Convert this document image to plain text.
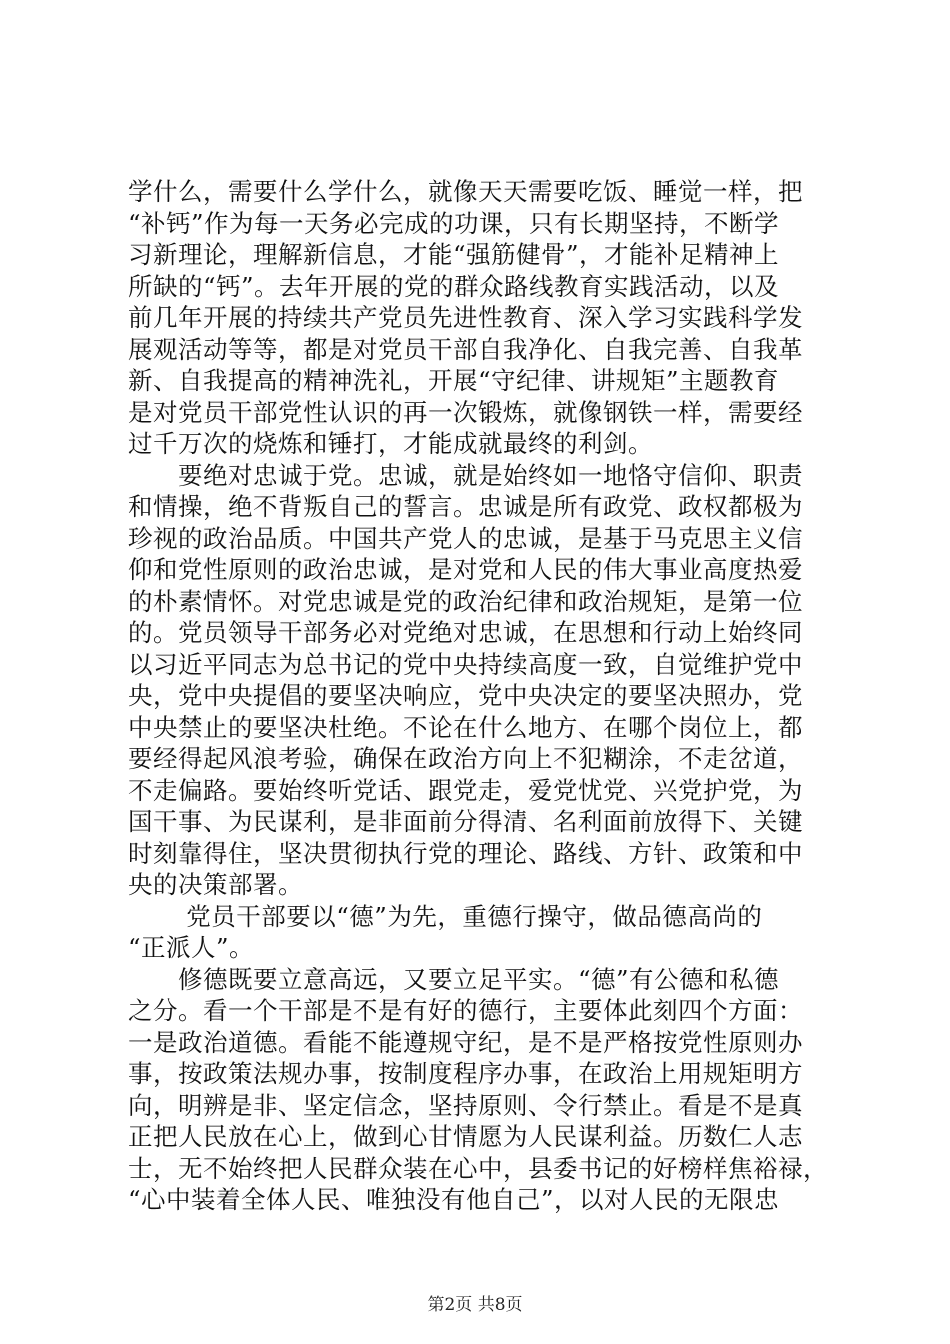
学什么，需要什么学什么，就像天天需要吃饭、睡觉一样，把
“补钙”作为每一天务必完成的功课，只有长期坚持，不断学
习新理论，理解新信息，才能“强筋健骨”，才能补足精神上
所缺的“钙”。去年开展的党的群众路线教育实践活动，以及
前几年开展的持续共产党员先进性教育、深入学习实践科学发
展观活动等等，都是对党员干部自我净化、自我完善、自我革
新、自我提高的精神洗礼，开展“守纪律、讲规矩”主题教育
是对党员干部党性认识的再一次锻炼，就像钢铁一样，需要经
过千万次的烧炼和锤打，才能成就最终的利剑。
　　要绝对忠诚于党。忠诚，就是始终如一地恪守信仰、职责
和情操，绝不背叛自己的誓言。忠诚是所有政党、政权都极为
珍视的政治品质。中国共产党人的忠诚，是基于马克思主义信
仰和党性原则的政治忠诚，是对党和人民的伟大事业高度热爱
的朴素情怀。对党忠诚是党的政治纪律和政治规矩，是第一位
的。党员领导干部务必对党绝对忠诚，在思想和行动上始终同
以习近平同志为总书记的党中央持续高度一致，自觉维护党中
央，党中央提倡的要坚决响应，党中央决定的要坚决照办，党
中央禁止的要坚决杜绝。不论在什么地方、在哪个岗位上，都
要经得起风浪考验，确保在政治方向上不犯糊涂，不走岔道，
不走偏路。要始终听党话、跟党走，爱党忧党、兴党护党，为
国干事、为民谋利，是非面前分得清、名利面前放得下、关键
时刻靠得住，坚决贯彻执行党的理论、路线、方针、政策和中
央的决策部署。
　　 党员干部要以“德”为先，重德行操守，做品德高尚的
“正派人”。
　　修德既要立意高远，又要立足平实。“德”有公德和私德
之分。看一个干部是不是有好的德行，主要体此刻四个方面：
一是政治道德。看能不能遵规守纪，是不是严格按党性原则办
事，按政策法规办事，按制度程序办事，在政治上用规矩明方
向，明辨是非、坚定信念，坚持原则、令行禁止。看是不是真
正把人民放在心上，做到心甘情愿为人民谋利益。历数仁人志
士，无不始终把人民群众装在心中，县委书记的好榜样焦裕禄，
“心中装着全体人民、唯独没有他自己”，以对人民的无限忠
第2页 共8页
